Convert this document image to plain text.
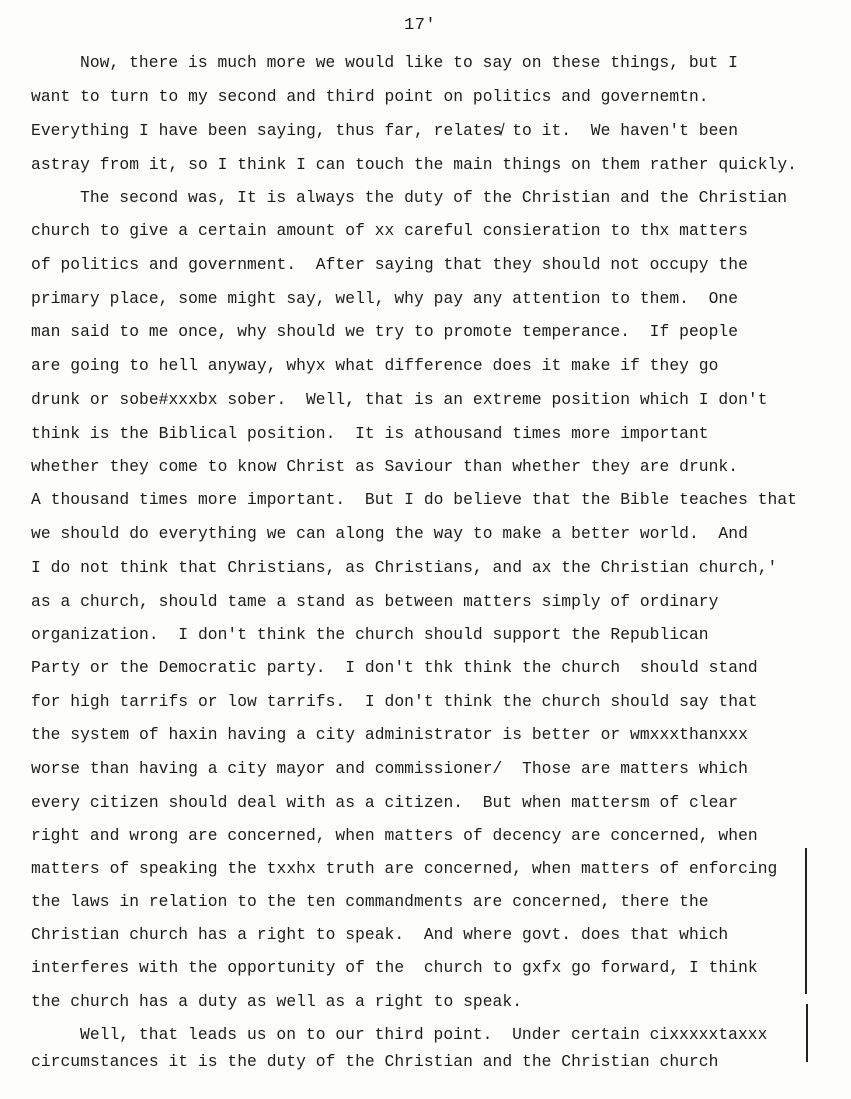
17'
Now, there is much more we would like to say on these things, but I
want to turn to my second and third point on politics and governemtn.
Everything I have been saying, thus far, relates̸ to it.  We haven't been
astray from it, so I think I can touch the main things on them rather quickly.
The second was, It is always the duty of the Christian and the Christian
church to give a certain amount of xx careful consieration to thx matters
of politics and government.  After saying that they should not occupy the
primary place, some might say, well, why pay any attention to them.  One
man said to me once, why should we try to promote temperance.  If people
are going to hell anyway, whyx what difference does it make if they go
drunk or sobe#xxxbx sober.  Well, that is an extreme position which I don't
think is the Biblical position.  It is athousand times more important
whether they come to know Christ as Saviour than whether they are drunk.
A thousand times more important.  But I do believe that the Bible teaches that
we should do everything we can along the way to make a better world.  And
I do not think that Christians, as Christians, and ax the Christian church,'
as a church, should tame a stand as between matters simply of ordinary
organization.  I don't think the church should support the Republican
Party or the Democratic party.  I don't thk think the church  should stand
for high tarrifs or low tarrifs.  I don't think the church should say that
the system of haxin having a city administrator is better or wmxxxthanxxx
worse than having a city mayor and commissioner/  Those are matters which
every citizen should deal with as a citizen.  But when mattersm of clear
right and wrong are concerned, when matters of decency are concerned, when
matters of speaking the txxhx truth are concerned, when matters of enforcing
the laws in relation to the ten commandments are concerned, there the
Christian church has a right to speak.  And where govt. does that which
interferes with the opportunity of the  church to gxfx go forward, I think
the church has a duty as well as a right to speak.
Well, that leads us on to our third point.  Under certain cixxxxxtaxxx
circumstances it is the duty of the Christian and the Christian church
